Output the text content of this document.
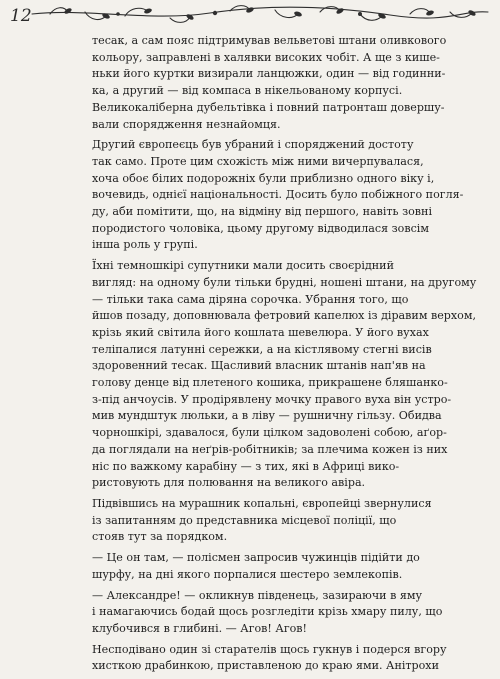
12

тесак, а сам пояс підтримував вельветові штани оливкового
кольору, заправлені в халявки високих чобіт. А ще з кише-
ньки його куртки визирали ланцюжки, один — від годинни-
ка, а другий — від компаса в нікельованому корпусі.
Великокаліберна дубельтівка і повний патронташ довершу-
вали спорядження незнайомця.

Другий європеєць був убраний і споряджений достоту
так само. Проте цим схожість між ними вичерпувалася,
хоча обоє білих подорожніх були приблизно одного віку і,
вочевидь, однієї національності. Досить було побіжного погля-
ду, аби помітити, що, на відміну від першого, навіть зовні
породистого чоловіка, цьому другому відводилася зовсім
інша роль у групі.

Їхні темношкірі супутники мали досить своєрідний
вигляд: на одному були тільки брудні, ношені штани, на другому
— тільки така сама діряна сорочка. Убрання того, що
йшов позаду, доповнювала фетровий капелюх із діравим верхом,
крізь який світила його кошлата шевелюра. У його вухах
теліпалися латунні сережки, а на кістлявому стегні висів
здоровенний тесак. Щасливий власник штанів нап'яв на
голову денце від плетеного кошика, прикрашене бляшанко-
з-під анчоусів. У продірявлену мочку правого вуха він устро-
мив мундштук люльки, а в ліву — рушничну гільзу. Обидва
чорношкірі, здавалося, були цілком задоволені собою, аґор-
да поглядали на неґрів-робітників; за плечима кожен із них
ніс по важкому карабіну — з тих, які в Африці вико-
ристовують для полювання на великого авіра.

Підвівшись на мурашник копальні, європейці звернулися
із запитанням до представника місцевої поліції, що
стояв тут за порядком.

— Це он там, — полісмен запросив чужинців підійти до
шурфу, на дні якого порпалися шестеро землекопів.

— Александре! — окликнув південець, зазираючи в яму
і намагаючись бодай щось розгледіти крізь хмару пилу, що
клубочився в глибині. — Агов! Агов!

Несподівано один зі старателів щось гукнув і подерся вгору
хисткою драбинкою, приставленою до краю ями. Анітрохи
